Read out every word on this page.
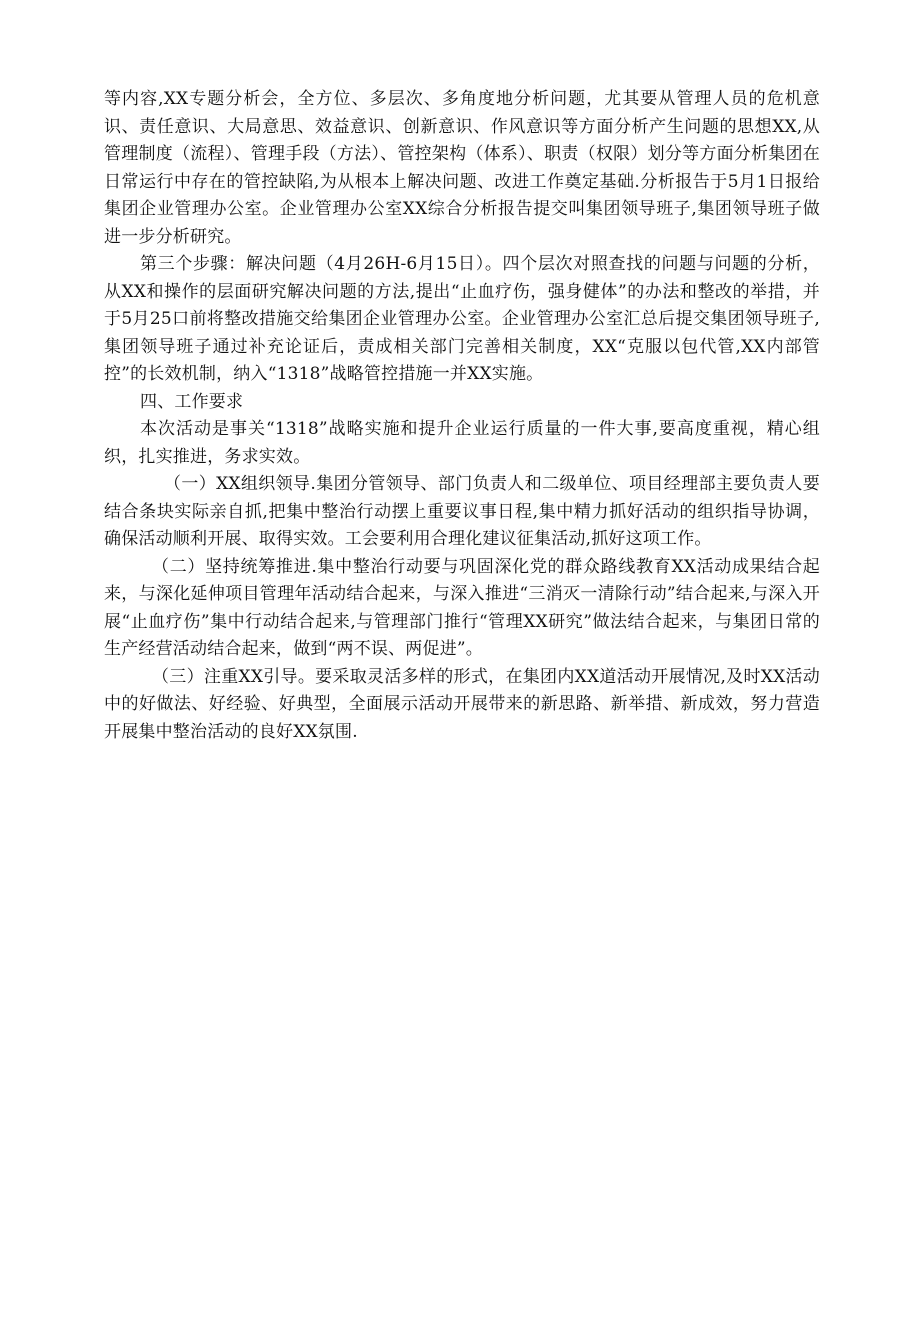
等内容,XX专题分析会，全方位、多层次、多角度地分析问题，尤其要从管理人员的危机意识、责任意识、大局意思、效益意识、创新意识、作风意识等方面分析产生问题的思想XX,从管理制度（流程）、管理手段（方法）、管控架构（体系）、职责（权限）划分等方面分析集团在日常运行中存在的管控缺陷,为从根本上解决问题、改进工作奠定基础.分析报告于5月1日报给集团企业管理办公室。企业管理办公室XX综合分析报告提交叫集团领导班子,集团领导班子做进一步分析研究。

第三个步骤：解决问题（4月26H-6月15日）。四个层次对照查找的问题与问题的分析，从XX和操作的层面研究解决问题的方法,提出“止血疗伤，强身健体”的办法和整改的举措，并于5月25口前将整改措施交给集团企业管理办公室。企业管理办公室汇总后提交集团领导班子,集团领导班子通过补充论证后，责成相关部门完善相关制度，XX“克服以包代管,XX内部管控”的长效机制，纳入“1318”战略管控措施一并XX实施。

四、工作要求

本次活动是事关“1318”战略实施和提升企业运行质量的一件大事,要高度重视，精心组织，扎实推进，务求实效。

（一）XX组织领导.集团分管领导、部门负责人和二级单位、项目经理部主要负责人要结合条块实际亲自抓,把集中整治行动摆上重要议事日程,集中精力抓好活动的组织指导协调，确保活动顺利开展、取得实效。工会要利用合理化建议征集活动,抓好这项工作。

（二）坚持统筹推进.集中整治行动要与巩固深化党的群众路线教育XX活动成果结合起来，与深化延伸项目管理年活动结合起来，与深入推进“三消灭一清除行动”结合起来,与深入开展“止血疗伤”集中行动结合起来,与管理部门推行“管理XX研究”做法结合起来，与集团日常的生产经营活动结合起来，做到“两不误、两促进”。

（三）注重XX引导。要采取灵活多样的形式，在集团内XX道活动开展情况,及时XX活动中的好做法、好经验、好典型，全面展示活动开展带来的新思路、新举措、新成效，努力营造开展集中整治活动的良好XX氛围.
